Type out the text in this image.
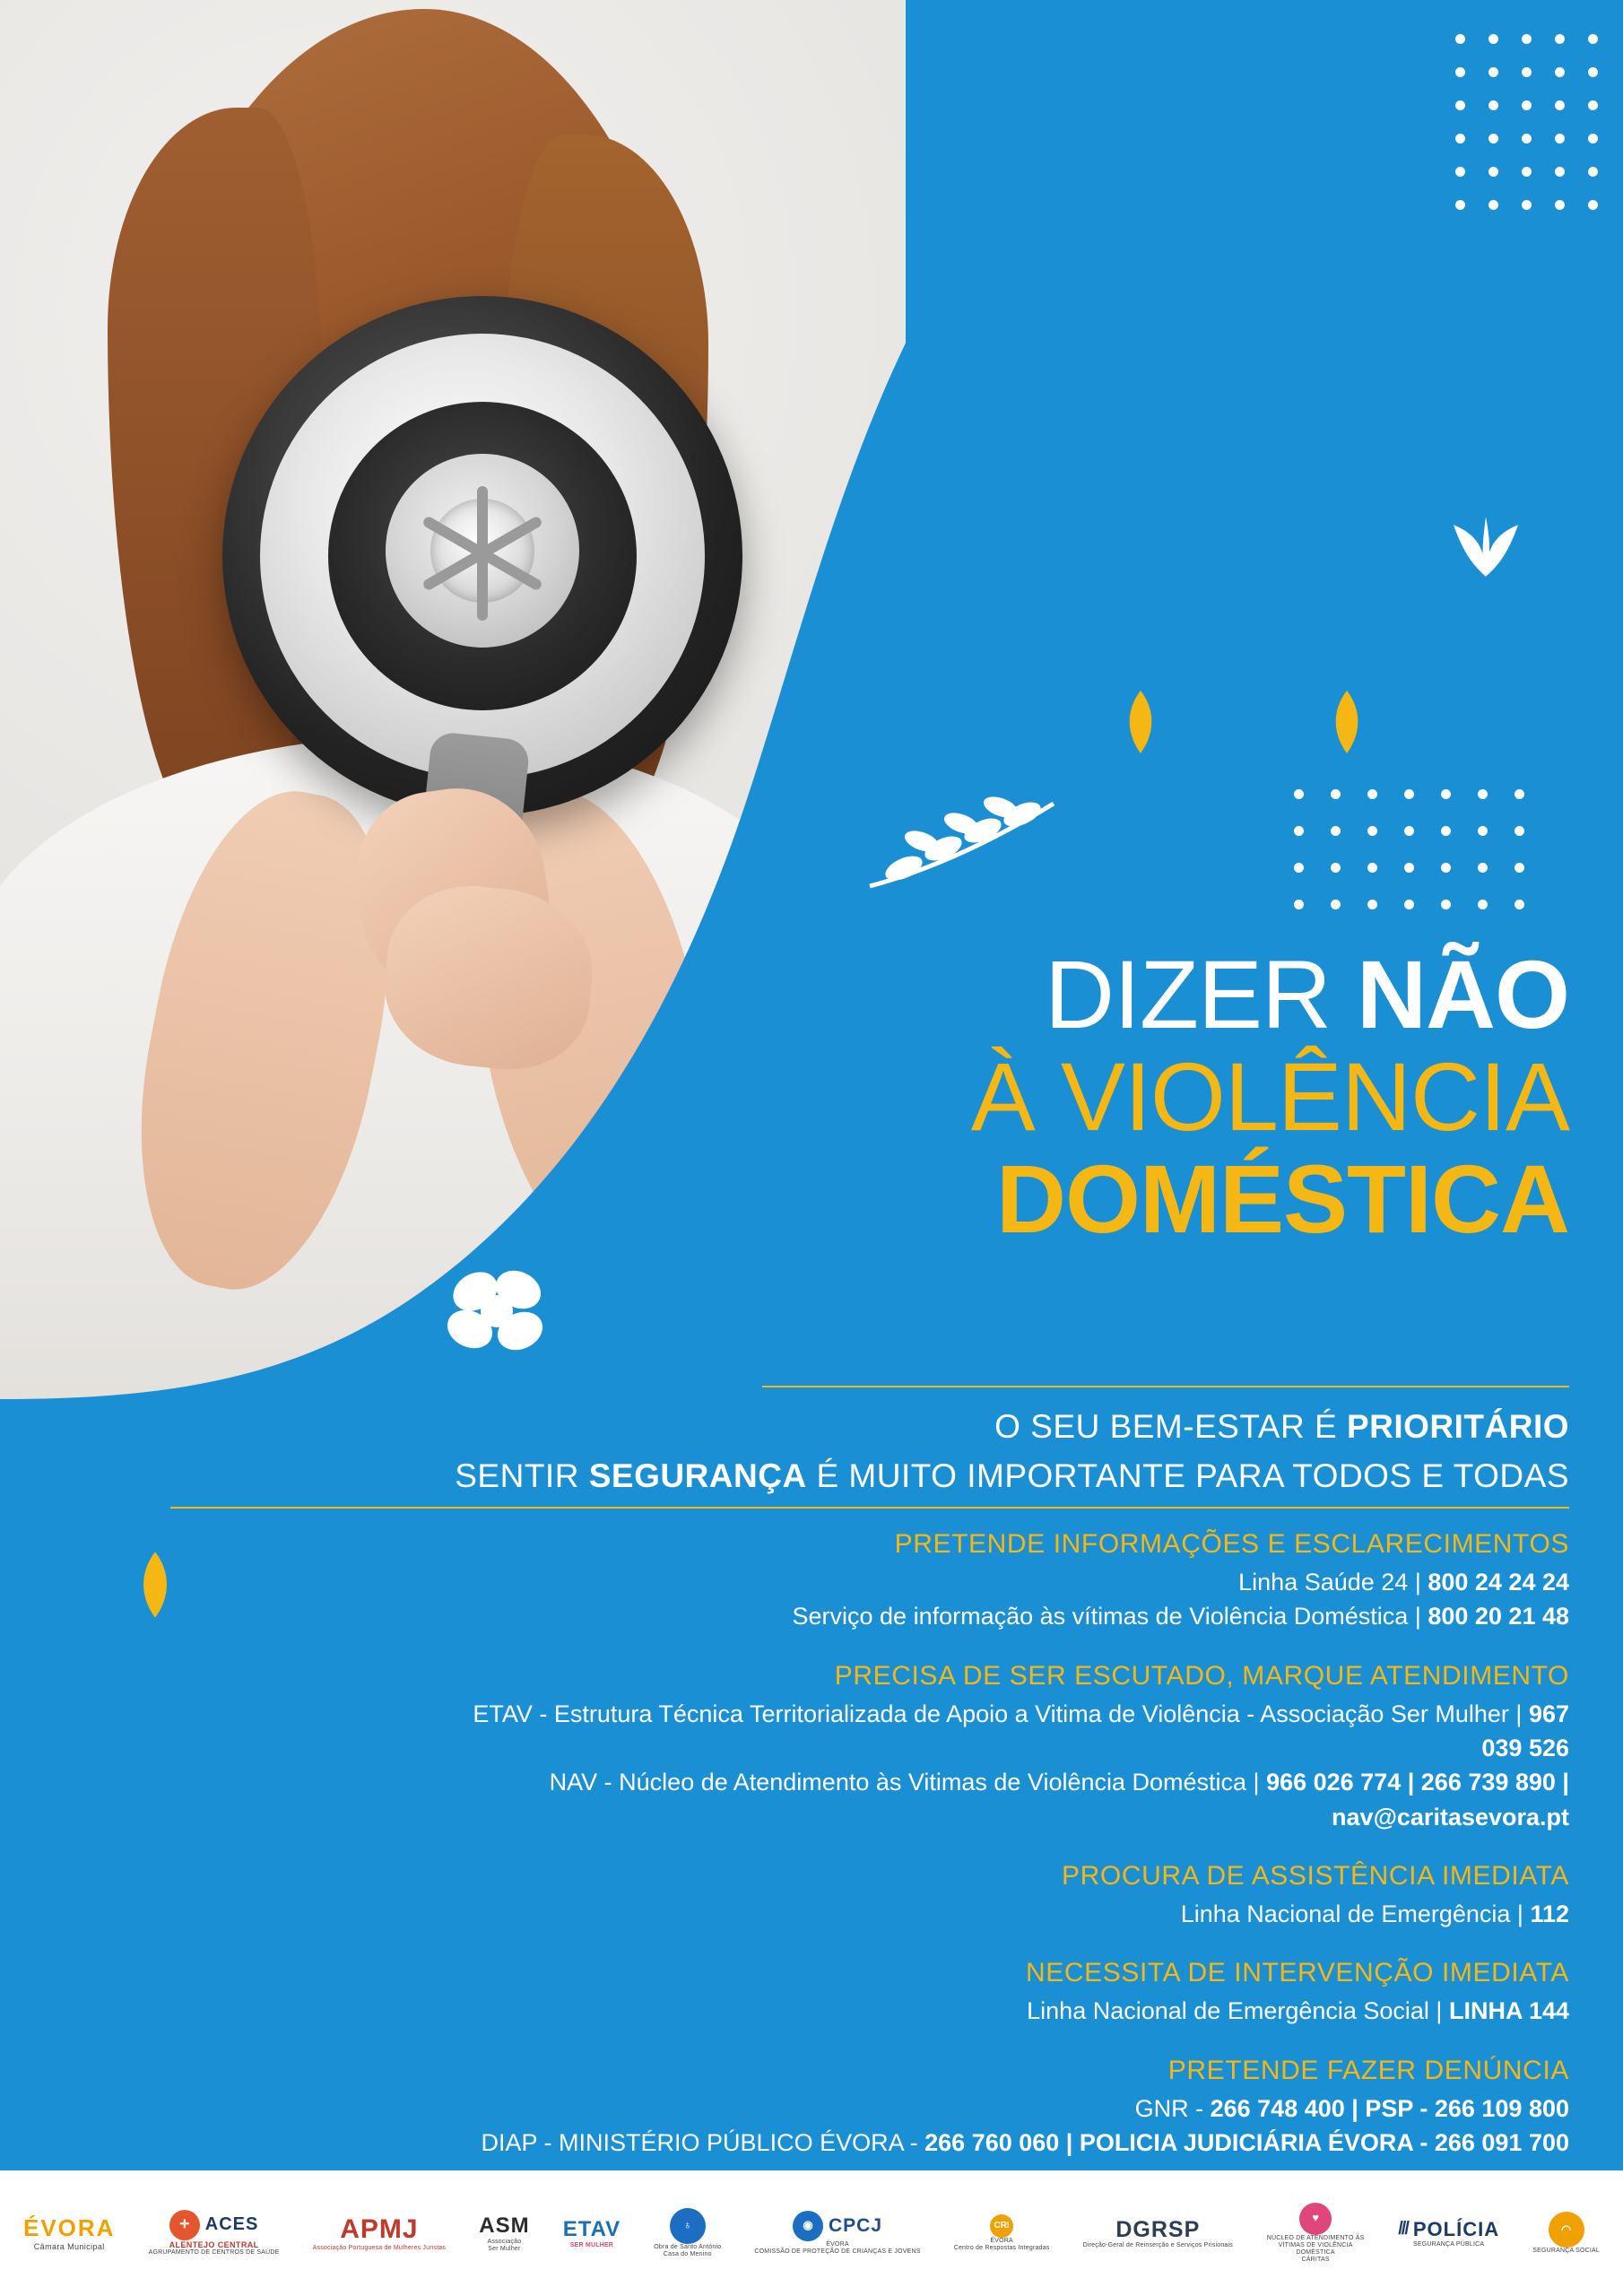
DIZER NÃO
À VIOLÊNCIA
DOMÉSTICA
O SEU BEM-ESTAR É PRIORITÁRIO
SENTIR SEGURANÇA É MUITO IMPORTANTE PARA TODOS E TODAS
PRETENDE INFORMAÇÕES E ESCLARECIMENTOS
Linha Saúde 24 | 800 24 24 24
Serviço de informação às vítimas de Violência Doméstica | 800 20 21 48
PRECISA DE SER ESCUTADO, MARQUE ATENDIMENTO
ETAV - Estrutura Técnica Territorializada de Apoio a Vitima de Violência - Associação Ser Mulher | 967 039 526
NAV - Núcleo de Atendimento às Vitimas de Violência Doméstica | 966 026 774 | 266 739 890 | nav@caritasevora.pt
PROCURA DE ASSISTÊNCIA IMEDIATA
Linha Nacional de Emergência | 112
NECESSITA DE INTERVENÇÃO IMEDIATA
Linha Nacional de Emergência Social | LINHA 144
PRETENDE FAZER DENÚNCIA
GNR - 266 748 400 | PSP - 266 109 800
DIAP - MINISTÉRIO PÚBLICO ÉVORA - 266 760 060 | POLICIA JUDICIÁRIA ÉVORA - 266 091 700
ÉVORA
Câmara Municipal
✛ ACES
ALENTEJO CENTRAL
AGRUPAMENTO DE CENTROS DE SAÚDE
APMJ
Associação Portuguesa de Mulheres Juristas
ASM
Associação
Ser Mulher
ETAV
SER MULHER
♁
Obra de Santo António
Casa do Menino
◉ CPCJ
ÉVORA
COMISSÃO DE PROTEÇÃO DE CRIANÇAS E JOVENS
CRI
ÉVORA
Centro de Respostas Integradas
DGRSP
Direção-Geral de Reinserção e Serviços Prisionais
♥
NÚCLEO DE ATENDIMENTO ÀS VÍTIMAS DE VIOLÊNCIA DOMÉSTICA
CÁRITAS
/// POLÍCIA
SEGURANÇA PÚBLICA
◠
SEGURANÇA SOCIAL
